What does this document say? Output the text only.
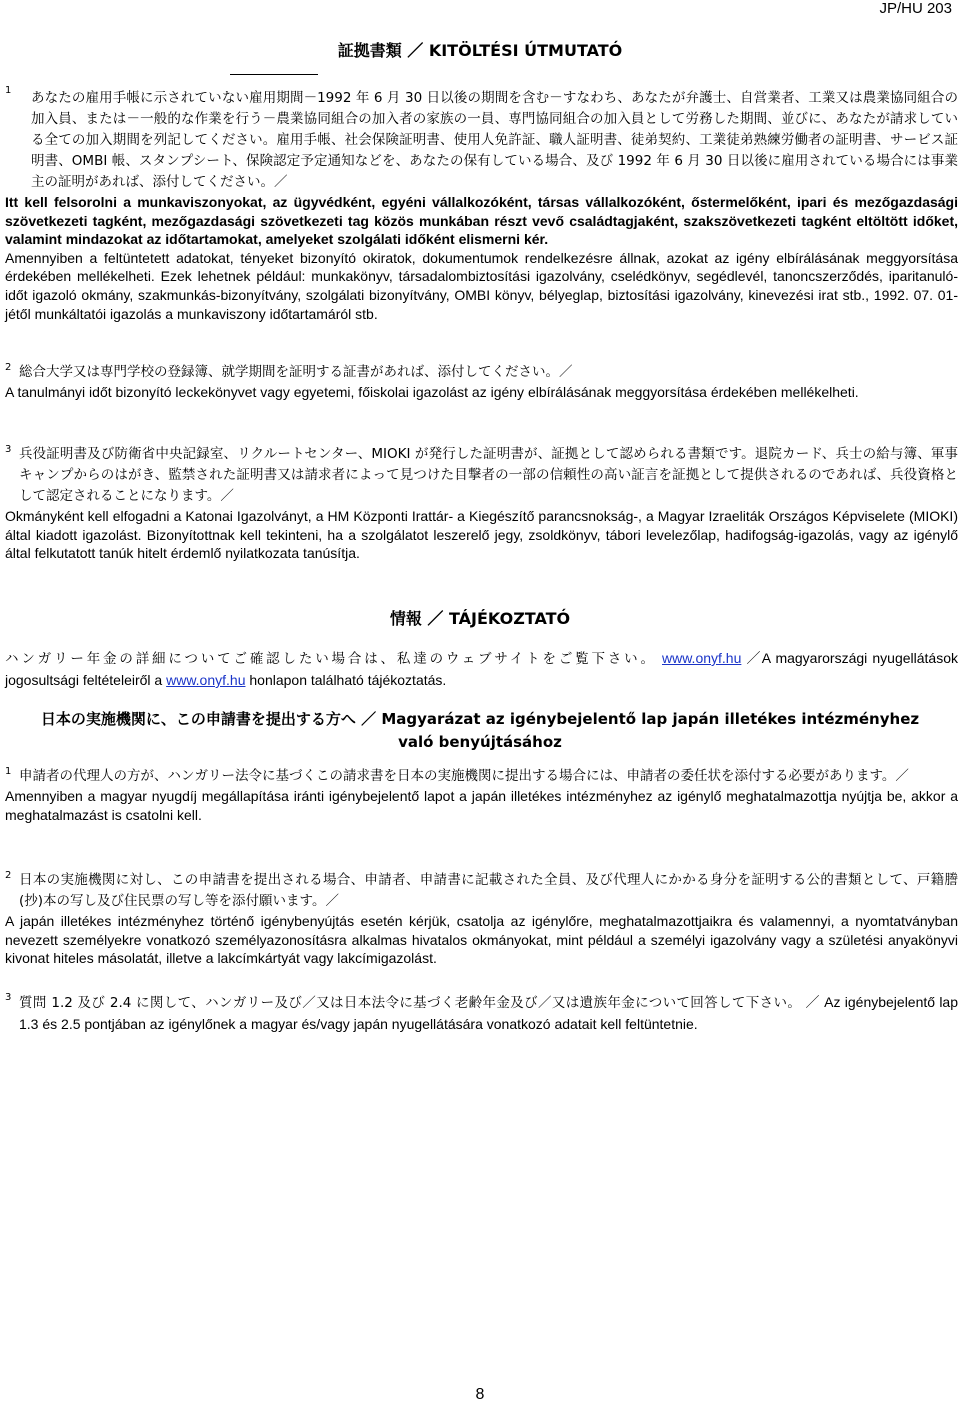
JP/HU 203
証拠書類 ／ KITÖLTÉSI ÚTMUTATÓ
1	あなたの雇用手帳に示されていない雇用期間－1992 年 6 月 30 日以後の期間を含む－すなわち、あなたが弁護士、自営業者、工業又は農業協同組合の加入員、または－一般的な作業を行う－農業協同組合の加入者の家族の一員、専門協同組合の加入員として労務した期間、並びに、あなたが請求している全ての加入期間を列記してください。雇用手帳、社会保険証明書、使用人免許証、職人証明書、徒弟契約、工業徒弟熟練労働者の証明書、サービス証明書、OMBI 帳、スタンプシート、保険認定予定通知などを、あなたの保有している場合、及び 1992 年 6 月 30 日以後に雇用されている場合には事業主の証明があれば、添付してください。／

Itt kell felsorolni a munkaviszonyokat, az ügyvédként, egyéni vállalkozóként, társas vállalkozóként, őstermelőként, ipari és mezőgazdasági szövetkezeti tagként, mezőgazdasági szövetkezeti tag közös munkában részt vevő családtagjaként, szakszövetkezeti tagként eltöltött időket, valamint mindazokat az időtartamokat, amelyeket szolgálati időként elismerni kér.

Amennyiben a feltüntetett adatokat, tényeket bizonyító okiratok, dokumentumok rendelkezésre állnak, azokat az igény elbírálásának meggyorsítása érdekében mellékelheti. Ezek lehetnek például: munkakönyv, társadalombiztosítási igazolvány, cselédkönyv, segédlevél, tanoncszerződés, iparitanuló-időt igazoló okmány, szakmunkás-bizonyítvány, szolgálati bizonyítvány, OMBI könyv, bélyeglap, biztosítási igazolvány, kinevezési irat stb., 1992. 07. 01-jétől munkáltatói igazolás a munkaviszony időtartamáról stb.

2 総合大学又は専門学校の登録簿、就学期間を証明する証書があれば、添付してください。／

A tanulmányi időt bizonyító leckekönyvet vagy egyetemi, főiskolai igazolást az igény elbírálásának meggyorsítása érdekében mellékelheti.

3 兵役証明書及び防衛省中央記録室、リクルートセンター、MIOKI が発行した証明書が、証拠として認められる書類です。退院カード、兵士の給与簿、軍事キャンプからのはがき、監禁された証明書又は請求者によって見つけた目撃者の一部の信頼性の高い証言を証拠として提供されるのであれば、兵役資格として認定されることになります。／

Okmányként kell elfogadni a Katonai Igazolványt, a HM Központi Irattár- a Kiegészítő parancsnokság-, a Magyar Izraeliták Országos Képviselete (MIOKI) által kiadott igazolást. Bizonyítottnak kell tekinteni, ha a szolgálatot leszerelő jegy, zsoldkönyv, tábori levelezőlap, hadifogság-igazolás, vagy az igénylő által felkutatott tanúk hitelt érdemlő nyilatkozata tanúsítja.

情報 ／ TÁJÉKOZTATÓ

ハンガリー年金の詳細についてご確認したい場合は、私達のウェブサイトをご覧下さい。 www.onyf.hu ／A magyarországi nyugellátások jogosultsági feltételeiről a www.onyf.hu honlapon található tájékoztatás.

日本の実施機関に、この申請書を提出する方へ ／ Magyarázat az igénybejelentő lap japán illetékes intézményhez való benyújtásához
1 申請者の代理人の方が、ハンガリー法令に基づくこの請求書を日本の実施機関に提出する場合には、申請者の委任状を添付する必要があります。／

Amennyiben a magyar nyugdíj megállapítása iránti igénybejelentő lapot a japán illetékes intézményhez az igénylő meghatalmazottja nyújtja be, akkor a meghatalmazást is csatolni kell.

2 日本の実施機関に対し、この申請書を提出される場合、申請者、申請書に記載された全員、及び代理人にかかる身分を証明する公的書類として、戸籍謄(抄)本の写し及び住民票の写し等を添付願います。／

A japán illetékes intézményhez történő igénybenyújtás esetén kérjük, csatolja az igénylőre, meghatalmazottjaikra és valamennyi, a nyomtatványban nevezett személyekre vonatkozó személyazonosításra alkalmas hivatalos okmányokat, mint például a személyi igazolvány vagy a születési anyakönyvi kivonat hiteles másolatát, illetve a lakcímkártyát vagy lakcímigazolást.

3 質問 1.2 及び 2.4 に関して、ハンガリー及び／又は日本法令に基づく老齢年金及び／又は遺族年金について回答して下さい。 ／ Az igénybejelentő lap 1.3 és 2.5 pontjában az igénylőnek a magyar és/vagy japán nyugellátására vonatkozó adatait kell feltüntetnie.

8
